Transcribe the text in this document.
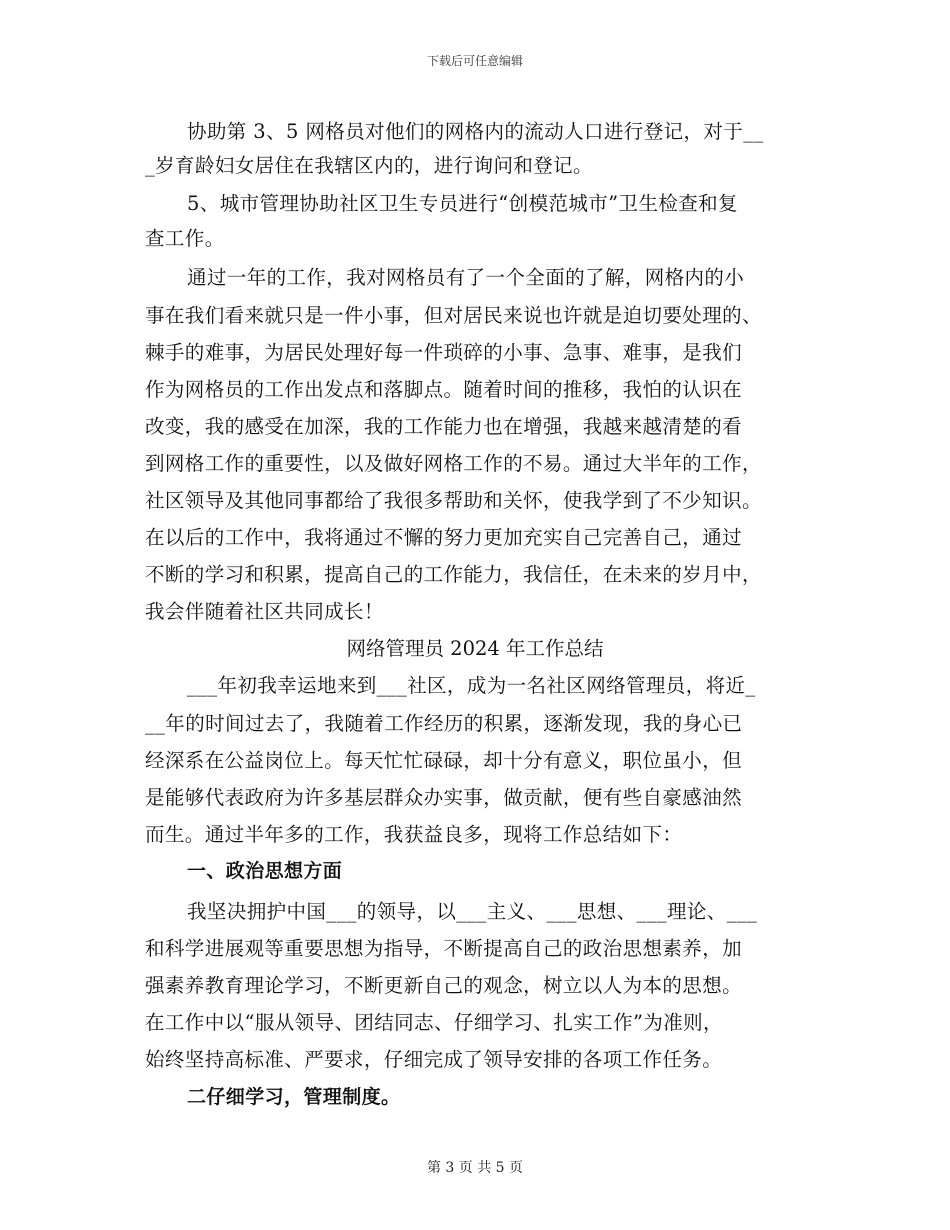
下载后可任意编辑
协助第 3、5 网格员对他们的网格内的流动人口进行登记，对于__
_岁育龄妇女居住在我辖区内的，进行询问和登记。
5、城市管理协助社区卫生专员进行“创模范城市”卫生检查和复
查工作。
通过一年的工作，我对网格员有了一个全面的了解，网格内的小
事在我们看来就只是一件小事，但对居民来说也许就是迫切要处理的、
棘手的难事，为居民处理好每一件琐碎的小事、急事、难事，是我们
作为网格员的工作出发点和落脚点。随着时间的推移，我怕的认识在
改变，我的感受在加深，我的工作能力也在增强，我越来越清楚的看
到网格工作的重要性，以及做好网格工作的不易。通过大半年的工作，
社区领导及其他同事都给了我很多帮助和关怀，使我学到了不少知识。
在以后的工作中，我将通过不懈的努力更加充实自己完善自己，通过
不断的学习和积累，提高自己的工作能力，我信任，在未来的岁月中，
我会伴随着社区共同成长！
网络管理员 2024 年工作总结
___年初我幸运地来到___社区，成为一名社区网络管理员，将近_
__年的时间过去了，我随着工作经历的积累，逐渐发现，我的身心已
经深系在公益岗位上。每天忙忙碌碌，却十分有意义，职位虽小，但
是能够代表政府为许多基层群众办实事，做贡献，便有些自豪感油然
而生。通过半年多的工作，我获益良多，现将工作总结如下：
一、政治思想方面
我坚决拥护中国___的领导，以___主义、___思想、___理论、___
和科学进展观等重要思想为指导，不断提高自己的政治思想素养，加
强素养教育理论学习，不断更新自己的观念，树立以人为本的思想。
在工作中以“服从领导、团结同志、仔细学习、扎实工作”为准则，
始终坚持高标准、严要求，仔细完成了领导安排的各项工作任务。
二仔细学习，管理制度。
第 3 页 共 5 页
